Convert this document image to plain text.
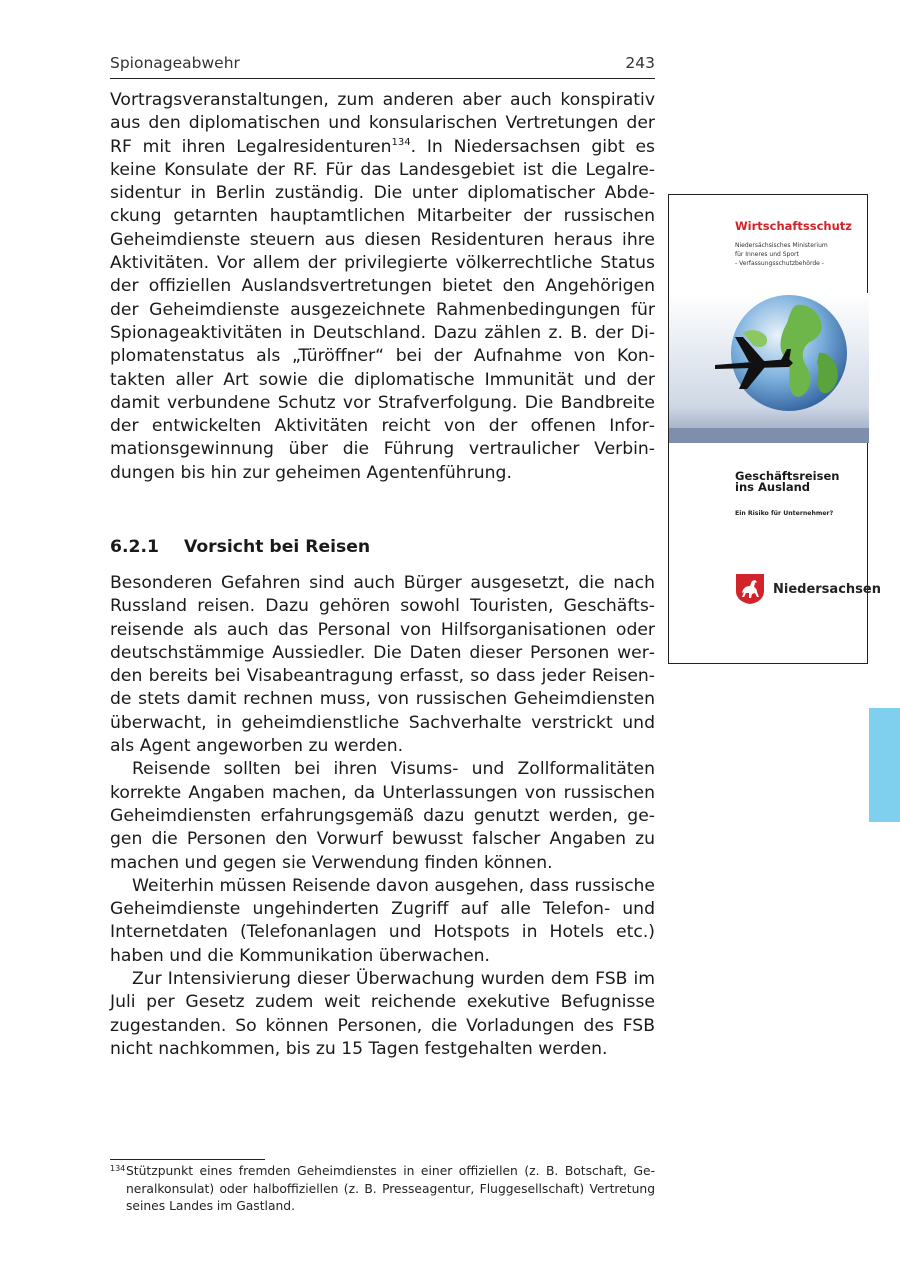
Spionageabwehr	243

Vortragsveranstaltungen, zum anderen aber auch konspirativ aus den diplomatischen und konsularischen Vertretungen der RF mit ihren Legalresidenturen$^{134}$. In Niedersachsen gibt es keine Konsulate der RF. Für das Landesgebiet ist die Legalresidentur in Berlin zuständig. Die unter diplomatischer Abdeckung getarnten hauptamtlichen Mitarbeiter der russischen Geheimdienste steuern aus diesen Residenturen heraus ihre Aktivitäten. Vor allem der privilegierte völkerrechtliche Status der offiziellen Auslandsvertretungen bietet den Angehörigen der Geheimdienste ausgezeichnete Rahmenbedingungen für Spionageaktivitäten in Deutschland. Dazu zählen z. B. der Diplomatenstatus als „Türöffner“ bei der Aufnahme von Kontakten aller Art sowie die diplomatische Immunität und der damit verbundene Schutz vor Strafverfolgung. Die Bandbreite der entwickelten Aktivitäten reicht von der offenen Informationsgewinnung über die Führung vertraulicher Verbindungen bis hin zur geheimen Agentenführung.

6.2.1 Vorsicht bei Reisen

Besonderen Gefahren sind auch Bürger ausgesetzt, die nach Russland reisen. Dazu gehören sowohl Touristen, Geschäftsreisende als auch das Personal von Hilfsorganisationen oder deutschstämmige Aussiedler. Die Daten dieser Personen werden bereits bei Visabeantragung erfasst, so dass jeder Reisende stets damit rechnen muss, von russischen Geheimdiensten überwacht, in geheimdienstliche Sachverhalte verstrickt und als Agent angeworben zu werden.

Reisende sollten bei ihren Visums- und Zollformalitäten korrekte Angaben machen, da Unterlassungen von russischen Geheimdiensten erfahrungsgemäß dazu genutzt werden, gegen die Personen den Vorwurf bewusst falscher Angaben zu machen und gegen sie Verwendung finden können.

Weiterhin müssen Reisende davon ausgehen, dass russische Geheimdienste ungehinderten Zugriff auf alle Telefon- und Internetdaten (Telefonanlagen und Hotspots in Hotels etc.) haben und die Kommunikation überwachen.

Zur Intensivierung dieser Überwachung wurden dem FSB im Juli per Gesetz zudem weit reichende exekutive Befugnisse zugestanden. So können Personen, die Vorladungen des FSB nicht nachkommen, bis zu 15 Tagen festgehalten werden.

134 Stützpunkt eines fremden Geheimdienstes in einer offiziellen (z. B. Botschaft, Generalkonsulat) oder halboffiziellen (z. B. Presseagentur, Fluggesellschaft) Vertretung seines Landes im Gastland.
Wirtschaftsschutz
Niedersächsisches Ministerium
für Inneres und Sport
- Verfassungsschutzbehörde -
Geschäftsreisen
ins Ausland
Ein Risiko für Unternehmer?
Niedersachsen
